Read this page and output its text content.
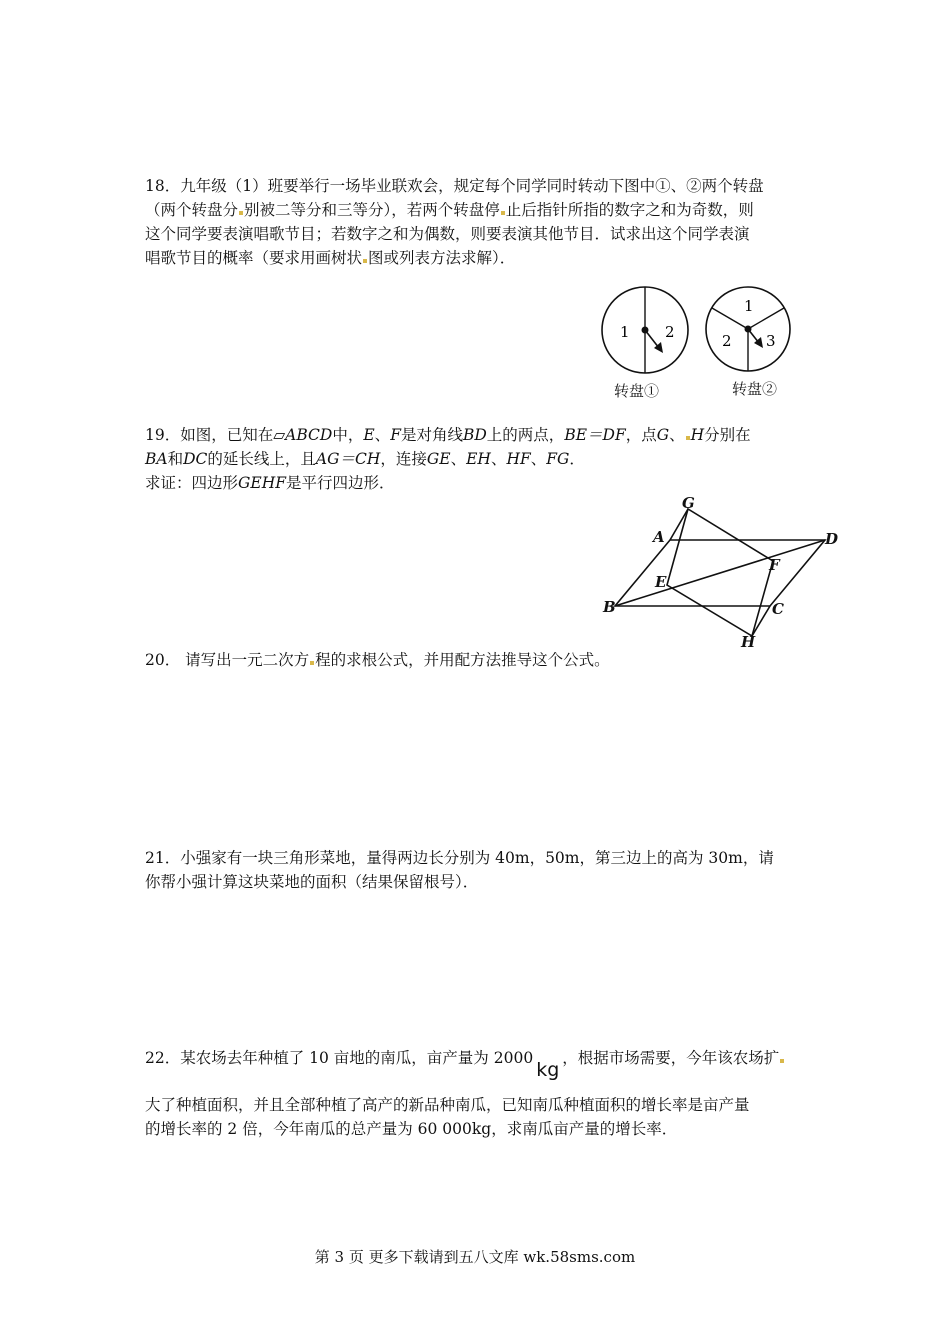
18．九年级（1）班要举行一场毕业联欢会，规定每个同学同时转动下图中①、②两个转盘
（两个转盘分 别被二等分和三等分），若两个转盘停 止后指针所指的数字之和为奇数，则
这个同学要表演唱歌节目；若数字之和为偶数，则要表演其他节目．试求出这个同学表演
唱歌节目的概率（要求用画树状 图或列表方法求解）．
1 2
1
2 3
转盘①	转盘②
19．如图，已知在▱ABCD中，E、F是对角线BD上的两点，BE＝DF，点G、 H分别在
BA和DC的延长线上，且AG＝CH，连接GE、EH、HF、FG．
求证：四边形GEHF是平行四边形．
G
A	D
F
E
B	C
H
20． 请写出一元二次方 程的求根公式，并用配方法推导这个公式。
21．小强家有一块三角形菜地，量得两边长分别为 40m，50m，第三边上的高为 30m，请
你帮小强计算这块菜地的面积（结果保留根号）．
22．某农场去年种植了 10 亩地的南瓜，亩产量为 2000kg，根据市场需要，今年该农场扩
大了种植面积，并且全部种植了高产的新品种南瓜，已知南瓜种植面积的增长率是亩产量
的增长率的 2 倍，今年南瓜的总产量为 60 000kg，求南瓜亩产量的增长率．
第 3 页 更多下载请到五八文库 wk.58sms.com
